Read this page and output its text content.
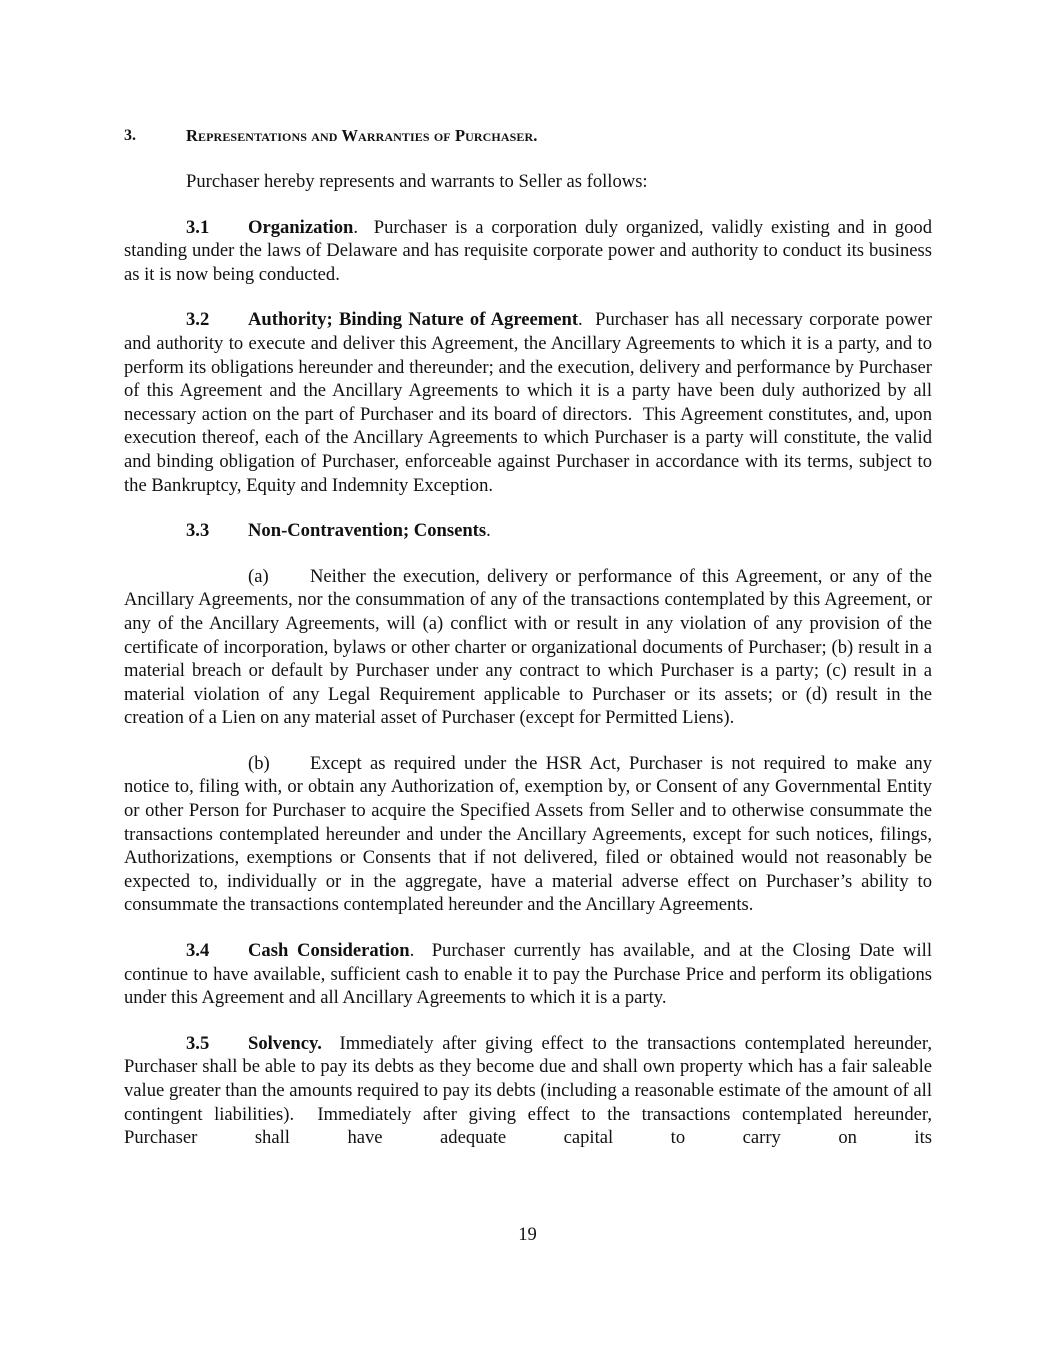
3.	Representations and Warranties of Purchaser.

Purchaser hereby represents and warrants to Seller as follows:

3.1 Organization.  Purchaser is a corporation duly organized, validly existing and in good standing under the laws of Delaware and has requisite corporate power and authority to conduct its business as it is now being conducted.

3.2 Authority; Binding Nature of Agreement.  Purchaser has all necessary corporate power and authority to execute and deliver this Agreement, the Ancillary Agreements to which it is a party, and to perform its obligations hereunder and thereunder; and the execution, delivery and performance by Purchaser of this Agreement and the Ancillary Agreements to which it is a party have been duly authorized by all necessary action on the part of Purchaser and its board of directors.  This Agreement constitutes, and, upon execution thereof, each of the Ancillary Agreements to which Purchaser is a party will constitute, the valid and binding obligation of Purchaser, enforceable against Purchaser in accordance with its terms, subject to the Bankruptcy, Equity and Indemnity Exception.

3.3 Non-Contravention; Consents.

(a) Neither the execution, delivery or performance of this Agreement, or any of the Ancillary Agreements, nor the consummation of any of the transactions contemplated by this Agreement, or any of the Ancillary Agreements, will (a) conflict with or result in any violation of any provision of the certificate of incorporation, bylaws or other charter or organizational documents of Purchaser; (b) result in a material breach or default by Purchaser under any contract to which Purchaser is a party; (c) result in a material violation of any Legal Requirement applicable to Purchaser or its assets; or (d) result in the creation of a Lien on any material asset of Purchaser (except for Permitted Liens).

(b) Except as required under the HSR Act, Purchaser is not required to make any notice to, filing with, or obtain any Authorization of, exemption by, or Consent of any Governmental Entity or other Person for Purchaser to acquire the Specified Assets from Seller and to otherwise consummate the transactions contemplated hereunder and under the Ancillary Agreements, except for such notices, filings, Authorizations, exemptions or Consents that if not delivered, filed or obtained would not reasonably be expected to, individually or in the aggregate, have a material adverse effect on Purchaser’s ability to consummate the transactions contemplated hereunder and the Ancillary Agreements.

3.4 Cash Consideration.  Purchaser currently has available, and at the Closing Date will continue to have available, sufficient cash to enable it to pay the Purchase Price and perform its obligations under this Agreement and all Ancillary Agreements to which it is a party.

3.5 Solvency.  Immediately after giving effect to the transactions contemplated hereunder, Purchaser shall be able to pay its debts as they become due and shall own property which has a fair saleable value greater than the amounts required to pay its debts (including a reasonable estimate of the amount of all contingent liabilities).  Immediately after giving effect to the transactions contemplated hereunder, Purchaser shall have adequate capital to carry on its

19
